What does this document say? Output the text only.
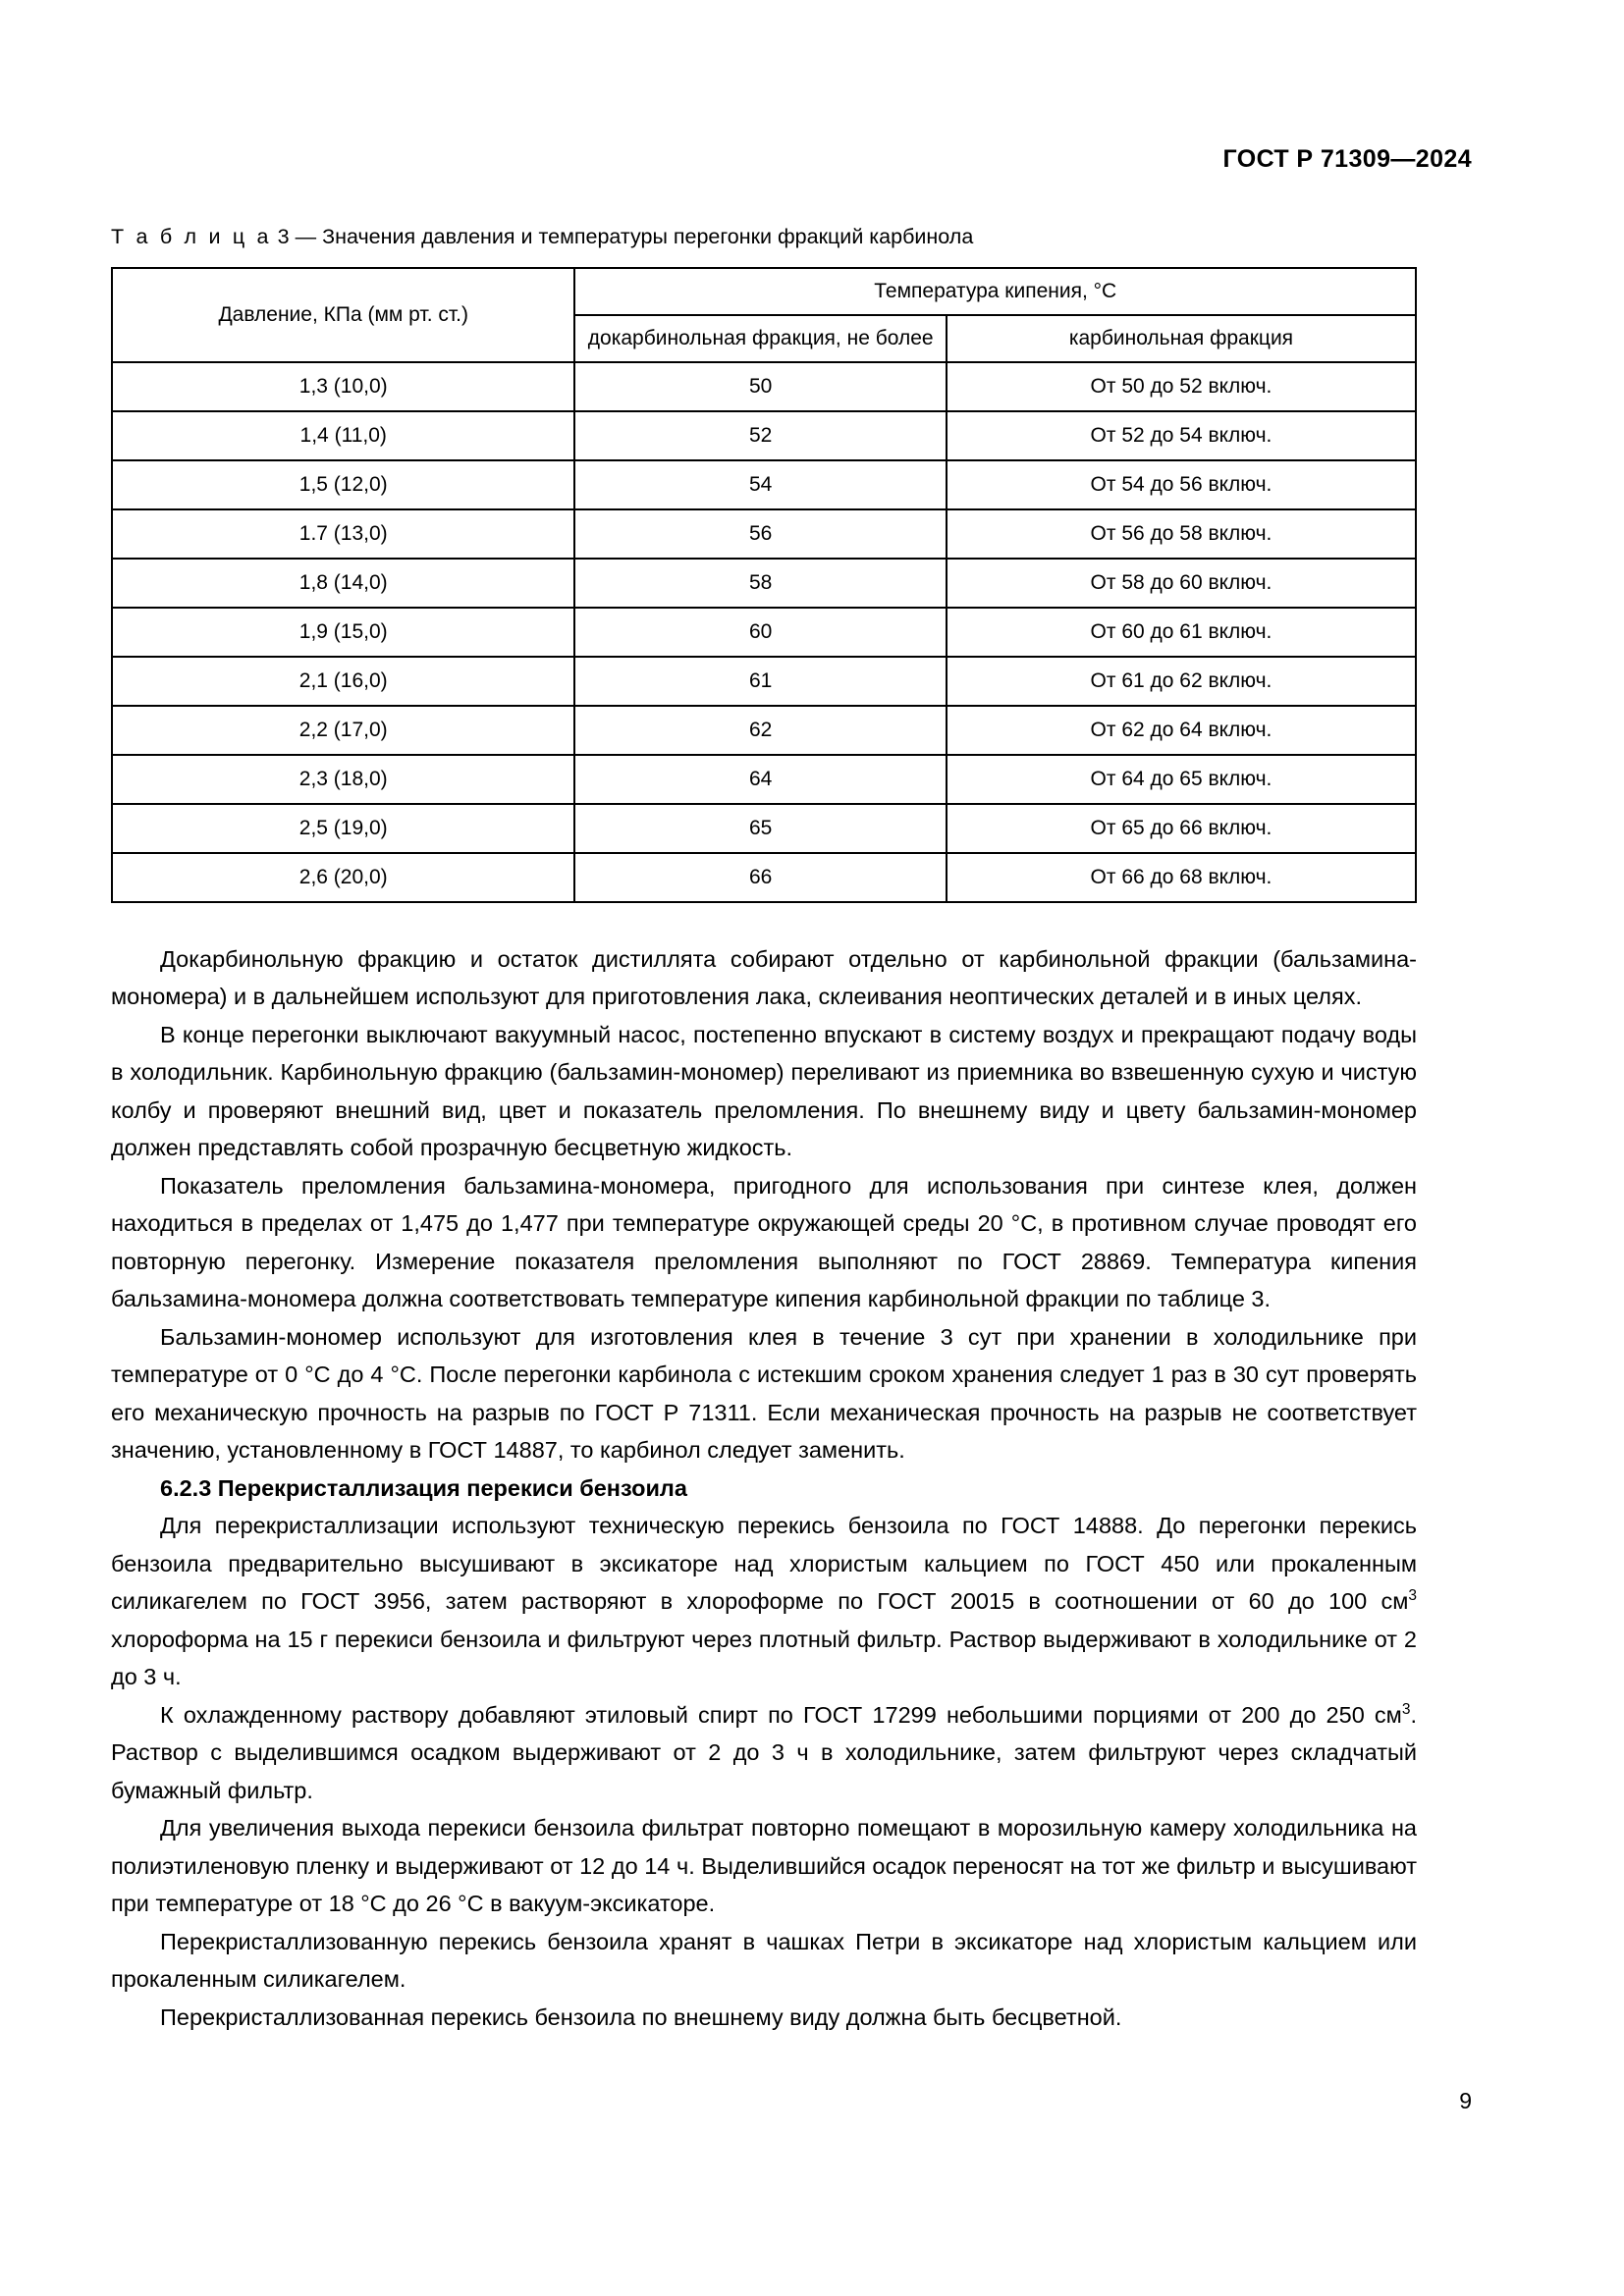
ГОСТ Р 71309—2024
Т а б л и ц а 3 — Значения давления и температуры перегонки фракций карбинола
Давление, КПа (мм рт. ст.)	Температура кипения, °С	
	докарбинольная фракция, не более	карбинольная фракция
1,3 (10,0)	50	От 50 до 52 включ.
1,4 (11,0)	52	От 52 до 54 включ.
1,5 (12,0)	54	От 54 до 56 включ.
1.7 (13,0)	56	От 56 до 58 включ.
1,8 (14,0)	58	От 58 до 60 включ.
1,9 (15,0)	60	От 60 до 61 включ.
2,1 (16,0)	61	От 61 до 62 включ.
2,2 (17,0)	62	От 62 до 64 включ.
2,3 (18,0)	64	От 64 до 65 включ.
2,5 (19,0)	65	От 65 до 66 включ.
2,6 (20,0)	66	От 66 до 68 включ.

Докарбинольную фракцию и остаток дистиллята собирают отдельно от карбинольной фракции (бальзамина-мономера) и в дальнейшем используют для приготовления лака, склеивания неоптических деталей и в иных целях.

В конце перегонки выключают вакуумный насос, постепенно впускают в систему воздух и прекращают подачу воды в холодильник. Карбинольную фракцию (бальзамин-мономер) переливают из приемника во взвешенную сухую и чистую колбу и проверяют внешний вид, цвет и показатель преломления. По внешнему виду и цвету бальзамин-мономер должен представлять собой прозрачную бесцветную жидкость.

Показатель преломления бальзамина-мономера, пригодного для использования при синтезе клея, должен находиться в пределах от 1,475 до 1,477 при температуре окружающей среды 20 °С, в противном случае проводят его повторную перегонку. Измерение показателя преломления выполняют по ГОСТ 28869. Температура кипения бальзамина-мономера должна соответствовать температуре кипения карбинольной фракции по таблице 3.

Бальзамин-мономер используют для изготовления клея в течение 3 сут при хранении в холодильнике при температуре от 0 °С до 4 °С. После перегонки карбинола с истекшим сроком хранения следует 1 раз в 30 сут проверять его механическую прочность на разрыв по ГОСТ Р 71311. Если механическая прочность на разрыв не соответствует значению, установленному в ГОСТ 14887, то карбинол следует заменить.

6.2.3 Перекристаллизация перекиси бензоила

Для перекристаллизации используют техническую перекись бензоила по ГОСТ 14888. До перегонки перекись бензоила предварительно высушивают в эксикаторе над хлористым кальцием по ГОСТ 450 или прокаленным силикагелем по ГОСТ 3956, затем растворяют в хлороформе по ГОСТ 20015 в соотношении от 60 до 100 $см^3$ хлороформа на 15 г перекиси бензоила и фильтруют через плотный фильтр. Раствор выдерживают в холодильнике от 2 до 3 ч.

К охлажденному раствору добавляют этиловый спирт по ГОСТ 17299 небольшими порциями от 200 до 250 $см^3$. Раствор с выделившимся осадком выдерживают от 2 до 3 ч в холодильнике, затем фильтруют через складчатый бумажный фильтр.

Для увеличения выхода перекиси бензоила фильтрат повторно помещают в морозильную камеру холодильника на полиэтиленовую пленку и выдерживают от 12 до 14 ч. Выделившийся осадок переносят на тот же фильтр и высушивают при температуре от 18 °С до 26 °С в вакуум-эксикаторе.

Перекристаллизованную перекись бензоила хранят в чашках Петри в эксикаторе над хлористым кальцием или прокаленным силикагелем.

Перекристаллизованная перекись бензоила по внешнему виду должна быть бесцветной.

9
